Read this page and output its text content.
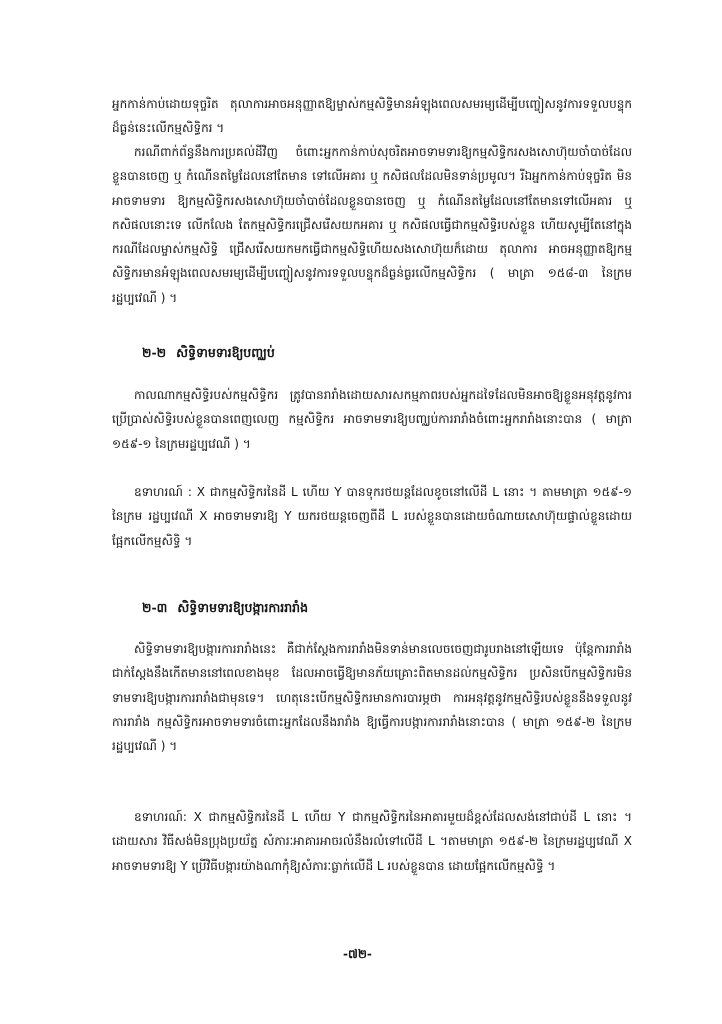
អ្នកកាន់កាប់ដោយទុច្ចរិត តុលាការអាចអនុញ្ញាតឱ្យម្ចាស់កម្មសិទ្ធិមានអំឡុងពេលសមរម្យដើម្បីបញ្ចៀសនូវការទទួលបន្ទុក ដ៏ធ្ងន់នេះលើកម្មសិទ្ធិករ ។

ករណីពាក់ព័ន្ធនឹងការប្រគល់ដីវិញ ចំពោះអ្នកកាន់កាប់សុចរិតអាចទាមទារឱ្យកម្មសិទ្ធិករសងសោហ៊ុយចាំបាច់ដែលខ្លួនបានចេញ ឬ កំណើនតម្លៃដែលនៅតែមាន ទៅលើអគារ ឬ កសិផលដែលមិនទាន់ប្រមូល។ រីឯអ្នកកាន់កាប់ទុច្ចរិត មិនអាចទាមទារ ឱ្យកម្មសិទ្ធិករសងសោហ៊ុយចាំបាច់ដែលខ្លួនបានចេញ ឬ កំណើនតម្លៃដែលនៅតែមានទៅលើអគារ ឬ កសិផលនោះទេ លើកលែង តែកម្មសិទ្ធិករជ្រើសរើសយកអគារ ឬ កសិផលធ្វើជាកម្មសិទ្ធិរបស់ខ្លួន ហើយសូម្បីតែនៅក្នុងករណីដែលម្ចាស់កម្មសិទ្ធិ ជ្រើសរើសយកមកធ្វើជាកម្មសិទ្ធិហើយសងសោហ៊ុយក៏ដោយ តុលាការ អាចអនុញ្ញាតឱ្យកម្មសិទ្ធិករមានអំឡុងពេលសមរម្យដើម្បីបញ្ចៀសនូវការទទួលបន្ទុកដ៏ធ្ងន់ធ្ងរលើកម្មសិទ្ធិករ ( មាត្រា ១៥៨-៣ នៃក្រមរដ្ឋប្បវេណី ) ។

២-២ សិទ្ធិទាមទារឱ្យបញ្ឈប់

កាលណាកម្មសិទ្ធិរបស់កម្មសិទ្ធិករ ត្រូវបានរារាំងដោយសារសកម្មភាពរបស់អ្នកដទៃដែលមិនអាចឱ្យខ្លួនអនុវត្តនូវការប្រើប្រាស់សិទ្ធិរបស់ខ្លួនបានពេញលេញ កម្មសិទ្ធិករ អាចទាមទារឱ្យបញ្ឈប់ការរារាំងចំពោះអ្នករារាំងនោះបាន ( មាត្រា ១៥៩-១ នៃក្រមរដ្ឋប្បវេណី ) ។

ឧទាហរណ៍ : X ជាកម្មសិទ្ធិករនៃដី L ហើយ Y បានទុករថយន្តដែលខូចនៅលើដី L នោះ ។ តាមមាត្រា ១៥៩-១ នៃក្រម រដ្ឋប្បវេណី X អាចទាមទារឱ្យ Y យករថយន្តចេញពីដី L របស់ខ្លួនបានដោយចំណាយសោហ៊ុយផ្ទាល់ខ្លួនដោយផ្អែកលើកម្មសិទ្ធិ ។

២-៣ សិទ្ធិទាមទារឱ្យបង្ការការរារាំង

សិទ្ធិទាមទារឱ្យបង្ការការរារាំងនេះ គឺជាក់ស្តែងការរារាំងមិនទាន់មានលេចចេញជារូបរាងនៅឡើយទេ ប៉ុន្តែការរារាំង ជាក់ស្តែងនឹងកើតមាននៅពេលខាងមុខ ដែលអាចធ្វើឱ្យមានភ័យគ្រោះពិតមានដល់កម្មសិទ្ធិករ ប្រសិនបើកម្មសិទ្ធិករមិនទាមទារឱ្យបង្ការការរារាំងជាមុនទេ។ ហេតុនេះបើកម្មសិទ្ធិករមានការបារម្ភថា ការអនុវត្តនូវកម្មសិទ្ធិរបស់ខ្លួននឹងទទួលនូវការរារាំង កម្មសិទ្ធិករអាចទាមទារចំពោះអ្នកដែលនឹងរារាំង ឱ្យធ្វើការបង្ការការរារាំងនោះបាន ( មាត្រា ១៥៩-២ នៃក្រមរដ្ឋប្បវេណី ) ។

ឧទាហរណ៍: X ជាកម្មសិទ្ធិករនៃដី L ហើយ Y ជាកម្មសិទ្ធិករនៃអាគារមួយដ៏ខ្ពស់ដែលសង់នៅជាប់ដី L នោះ ។ ដោយសារ វិធីសង់មិនប្រុងប្រយ័ត្ន សំភារៈអាគារអាចរលំនឹងរលំទៅលើដី L ។តាមមាត្រា ១៥៩-២ នៃក្រមរដ្ឋប្បវេណី X អាចទាមទារឱ្យ Y ប្រើវិធីបង្ការយ៉ាងណាកុំឱ្យសំភារៈធ្លាក់លើដី L របស់ខ្លួនបាន ដោយផ្អែកលើកម្មសិទ្ធិ ។

-៧២-
